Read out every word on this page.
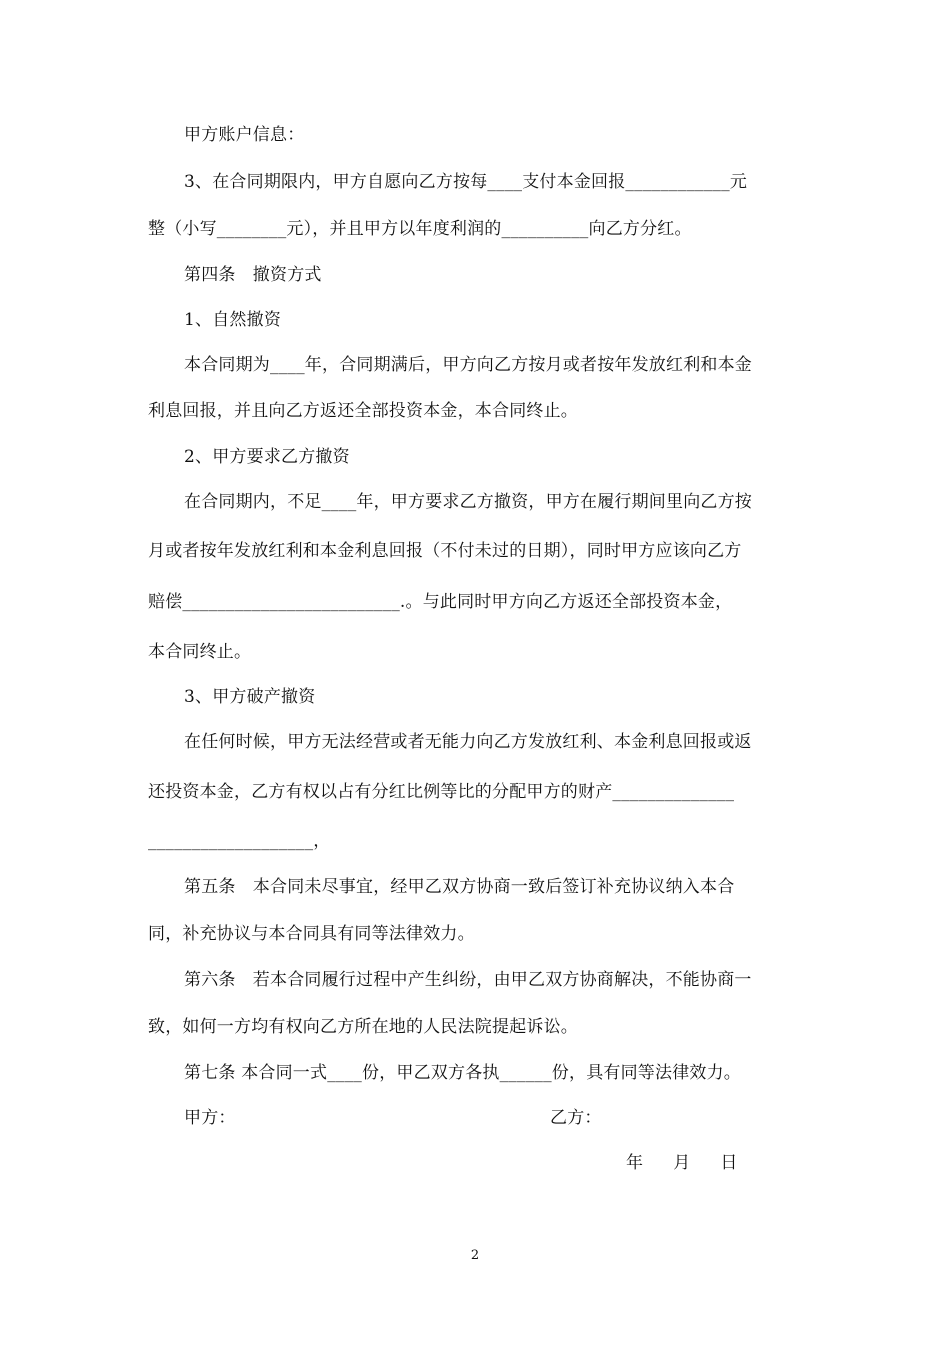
甲方账户信息：
3、在合同期限内，甲方自愿向乙方按每____支付本金回报____________元
整（小写________元），并且甲方以年度利润的__________向乙方分红。
第四条　撤资方式
1、自然撤资
本合同期为____年，合同期满后，甲方向乙方按月或者按年发放红利和本金
利息回报，并且向乙方返还全部投资本金，本合同终止。
2、甲方要求乙方撤资
在合同期内，不足____年，甲方要求乙方撤资，甲方在履行期间里向乙方按
月或者按年发放红利和本金利息回报（不付未过的日期），同时甲方应该向乙方
赔偿_________________________.。与此同时甲方向乙方返还全部投资本金，
本合同终止。
3、甲方破产撤资
在任何时候，甲方无法经营或者无能力向乙方发放红利、本金利息回报或返
还投资本金，乙方有权以占有分红比例等比的分配甲方的财产______________
___________________，
第五条　本合同未尽事宜，经甲乙双方协商一致后签订补充协议纳入本合
同，补充协议与本合同具有同等法律效力。
第六条　若本合同履行过程中产生纠纷，由甲乙双方协商解决，不能协商一
致，如何一方均有权向乙方所在地的人民法院提起诉讼。
第七条 本合同一式____份，甲乙双方各执______份，具有同等法律效力。
甲方：	乙方：
年 月 日
2
